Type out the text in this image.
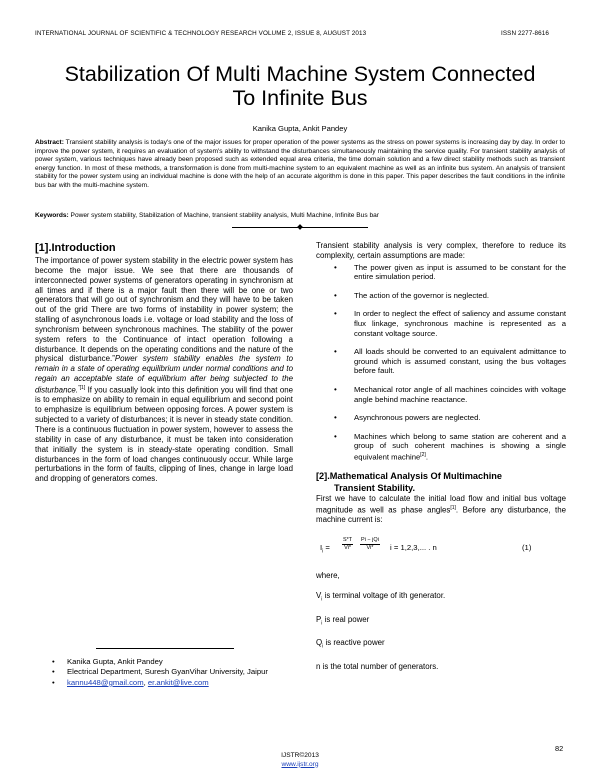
INTERNATIONAL JOURNAL OF SCIENTIFIC & TECHNOLOGY RESEARCH VOLUME 2, ISSUE 8, AUGUST 2013	ISSN 2277-8616
Stabilization Of Multi Machine System Connected
To Infinite Bus
Kanika Gupta, Ankit Pandey
Abstract: Transient stability analysis is today's one of the major issues for proper operation of the power systems as the stress on power systems is increasing day by day. In order to improve the power system, it requires an evaluation of system's ability to withstand the disturbances simultaneously maintaining the service quality. For transient stability analysis of power system, various techniques have already been proposed such as extended equal area criteria, the time domain solution and a few direct stability methods such as transient energy function. In most of these methods, a transformation is done from multi-machine system to an equivalent machine as well as an infinite bus system. An analysis of transient stability for the power system using an individual machine is done with the help of an accurate algorithm is done in this paper. This paper describes the fault conditions in the infinite bus bar with the multi-machine system.
Keywords: Power system stability, Stabilization of Machine, transient stability analysis, Multi Machine, Infinite Bus bar
[1].Introduction
The importance of power system stability in the electric power system has become the major issue. We see that there are thousands of interconnected power systems of generators operating in synchronism at all times and if there is a major fault then there will be one or two generators that will go out of synchronism and they will have to be taken out of the grid There are two forms of instability in power system; the stalling of asynchronous loads i.e. voltage or load stability and the loss of synchronism between synchronous machines. The stability of the power system refers to the Continuance of intact operation following a disturbance. It depends on the operating conditions and the nature of the physical disturbance.”Power system stability enables the system to remain in a state of operating equilibrium under normal conditions and to regain an acceptable state of equilibrium after being subjected to the disturbance.$^{”[1]}$ If you casually look into this definition you will find that one is to emphasize on ability to remain in equal equilibrium and second point to emphasize is equilibrium between opposing forces. A power system is subjected to a variety of disturbances; it is never in steady state condition. There is a continuous fluctuation in power system, however to assess the stability in case of any disturbance, it must be taken into consideration that initially the system is in steady-state operating condition. Small disturbances in the form of load changes continuously occur. While large perturbations in the form of faults, clipping of lines, change in large load and dropping of generators comes.
Transient stability analysis is very complex, therefore to reduce its complexity, certain assumptions are made:
• The power given as input is assumed to be constant for the entire simulation period.
• The action of the governor is neglected.
• In order to neglect the effect of saliency and assume constant flux linkage, synchronous machine is represented as a constant voltage source.
• All loads should be converted to an equivalent admittance to ground which is assumed constant, using the bus voltages before fault.
• Mechanical rotor angle of all machines coincides with voltage angle behind machine reactance.
• Asynchronous powers are neglected.
• Machines which belong to same station are coherent and a group of such coherent machines is showing a single equivalent machine[2].
[2].Mathematical Analysis Of Multimachine
Transient Stability.
First we have to calculate the initial load flow and initial bus voltage magnitude as well as phase angles[1]. Before any disturbance, the machine current is:
$I_i = \frac{S*T}{Vi*}$ Pi − jQi
Vi*	i = 1,2,3,... . n	(1)
where,
$V_i$ is terminal voltage of ith generator.
$P_i$ is real power
$Q_i$ is reactive power
n is the total number of generators.
• Kanika Gupta, Ankit Pandey
• Electrical Department, Suresh GyanVihar University, Jaipur
• kannu448@gmail.com, er.ankit@live.com
82
IJSTR©2013
www.ijstr.org
